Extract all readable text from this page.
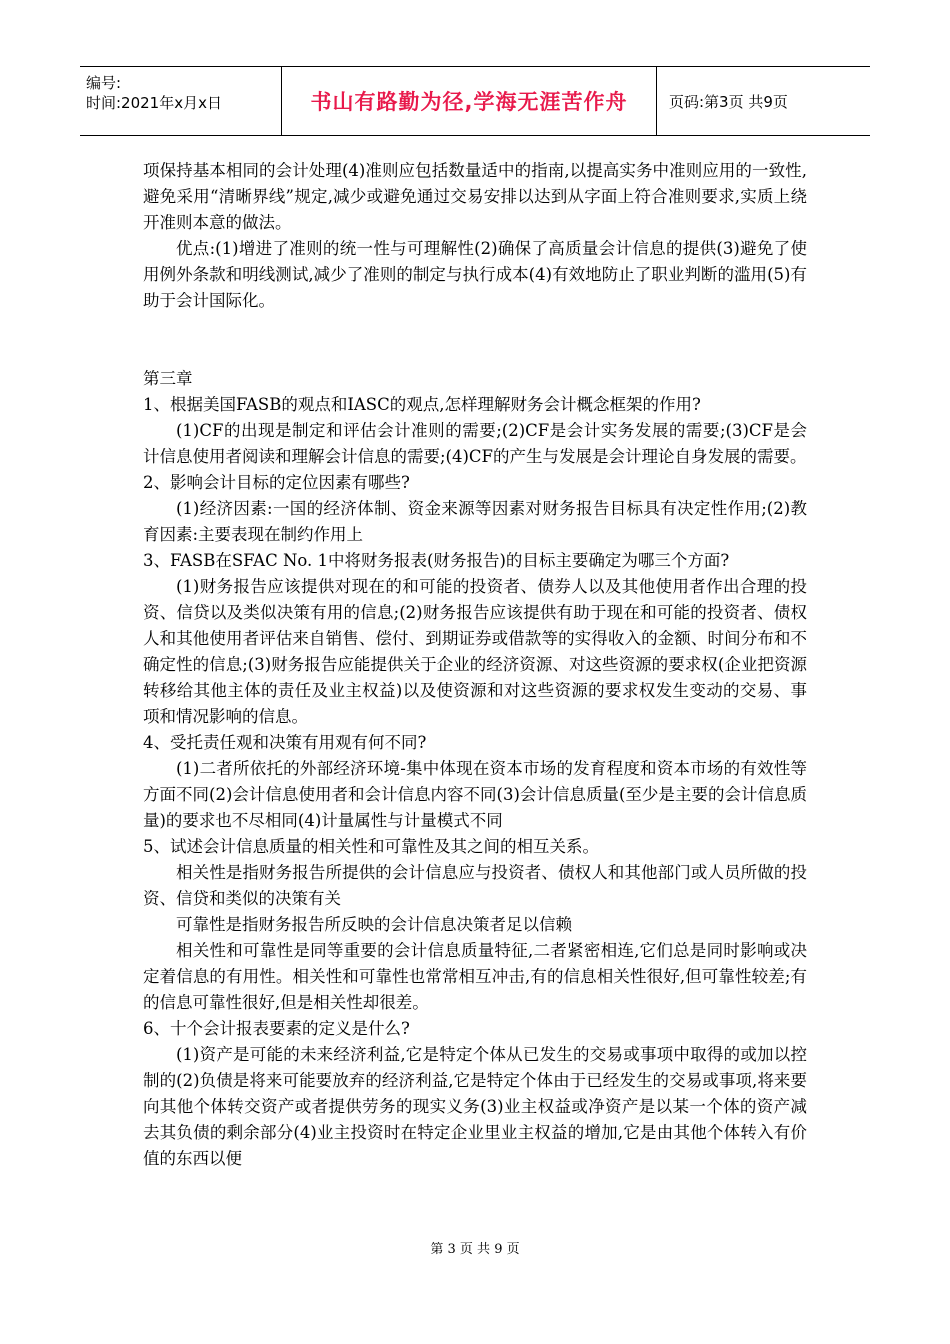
编号:
时间:2021年x月x日	书山有路勤为径,学海无涯苦作舟	页码:第3页 共9页

项保持基本相同的会计处理(4)准则应包括数量适中的指南,以提高实务中准则应用的一致性,避免采用“清晰界线”规定,减少或避免通过交易安排以达到从字面上符合准则要求,实质上绕开准则本意的做法。

优点:(1)增进了准则的统一性与可理解性(2)确保了高质量会计信息的提供(3)避免了使用例外条款和明线测试,减少了准则的制定与执行成本(4)有效地防止了职业判断的滥用(5)有助于会计国际化。

第三章

1、根据美国FASB的观点和IASC的观点,怎样理解财务会计概念框架的作用?

(1)CF的出现是制定和评估会计准则的需要;(2)CF是会计实务发展的需要;(3)CF是会计信息使用者阅读和理解会计信息的需要;(4)CF的产生与发展是会计理论自身发展的需要。

2、影响会计目标的定位因素有哪些?

(1)经济因素:一国的经济体制、资金来源等因素对财务报告目标具有决定性作用;(2)教育因素:主要表现在制约作用上

3、FASB在SFAC No. 1中将财务报表(财务报告)的目标主要确定为哪三个方面?

(1)财务报告应该提供对现在的和可能的投资者、债券人以及其他使用者作出合理的投资、信贷以及类似决策有用的信息;(2)财务报告应该提供有助于现在和可能的投资者、债权人和其他使用者评估来自销售、偿付、到期证券或借款等的实得收入的金额、时间分布和不确定性的信息;(3)财务报告应能提供关于企业的经济资源、对这些资源的要求权(企业把资源转移给其他主体的责任及业主权益)以及使资源和对这些资源的要求权发生变动的交易、事项和情况影响的信息。

4、受托责任观和决策有用观有何不同?

(1)二者所依托的外部经济环境-集中体现在资本市场的发育程度和资本市场的有效性等方面不同(2)会计信息使用者和会计信息内容不同(3)会计信息质量(至少是主要的会计信息质量)的要求也不尽相同(4)计量属性与计量模式不同

5、试述会计信息质量的相关性和可靠性及其之间的相互关系。

相关性是指财务报告所提供的会计信息应与投资者、债权人和其他部门或人员所做的投资、信贷和类似的决策有关

可靠性是指财务报告所反映的会计信息决策者足以信赖

相关性和可靠性是同等重要的会计信息质量特征,二者紧密相连,它们总是同时影响或决定着信息的有用性。相关性和可靠性也常常相互冲击,有的信息相关性很好,但可靠性较差;有的信息可靠性很好,但是相关性却很差。

6、十个会计报表要素的定义是什么?

(1)资产是可能的未来经济利益,它是特定个体从已发生的交易或事项中取得的或加以控制的(2)负债是将来可能要放弃的经济利益,它是特定个体由于已经发生的交易或事项,将来要向其他个体转交资产或者提供劳务的现实义务(3)业主权益或净资产是以某一个体的资产减去其负债的剩余部分(4)业主投资时在特定企业里业主权益的增加,它是由其他个体转入有价值的东西以便

第 3 页 共 9 页
